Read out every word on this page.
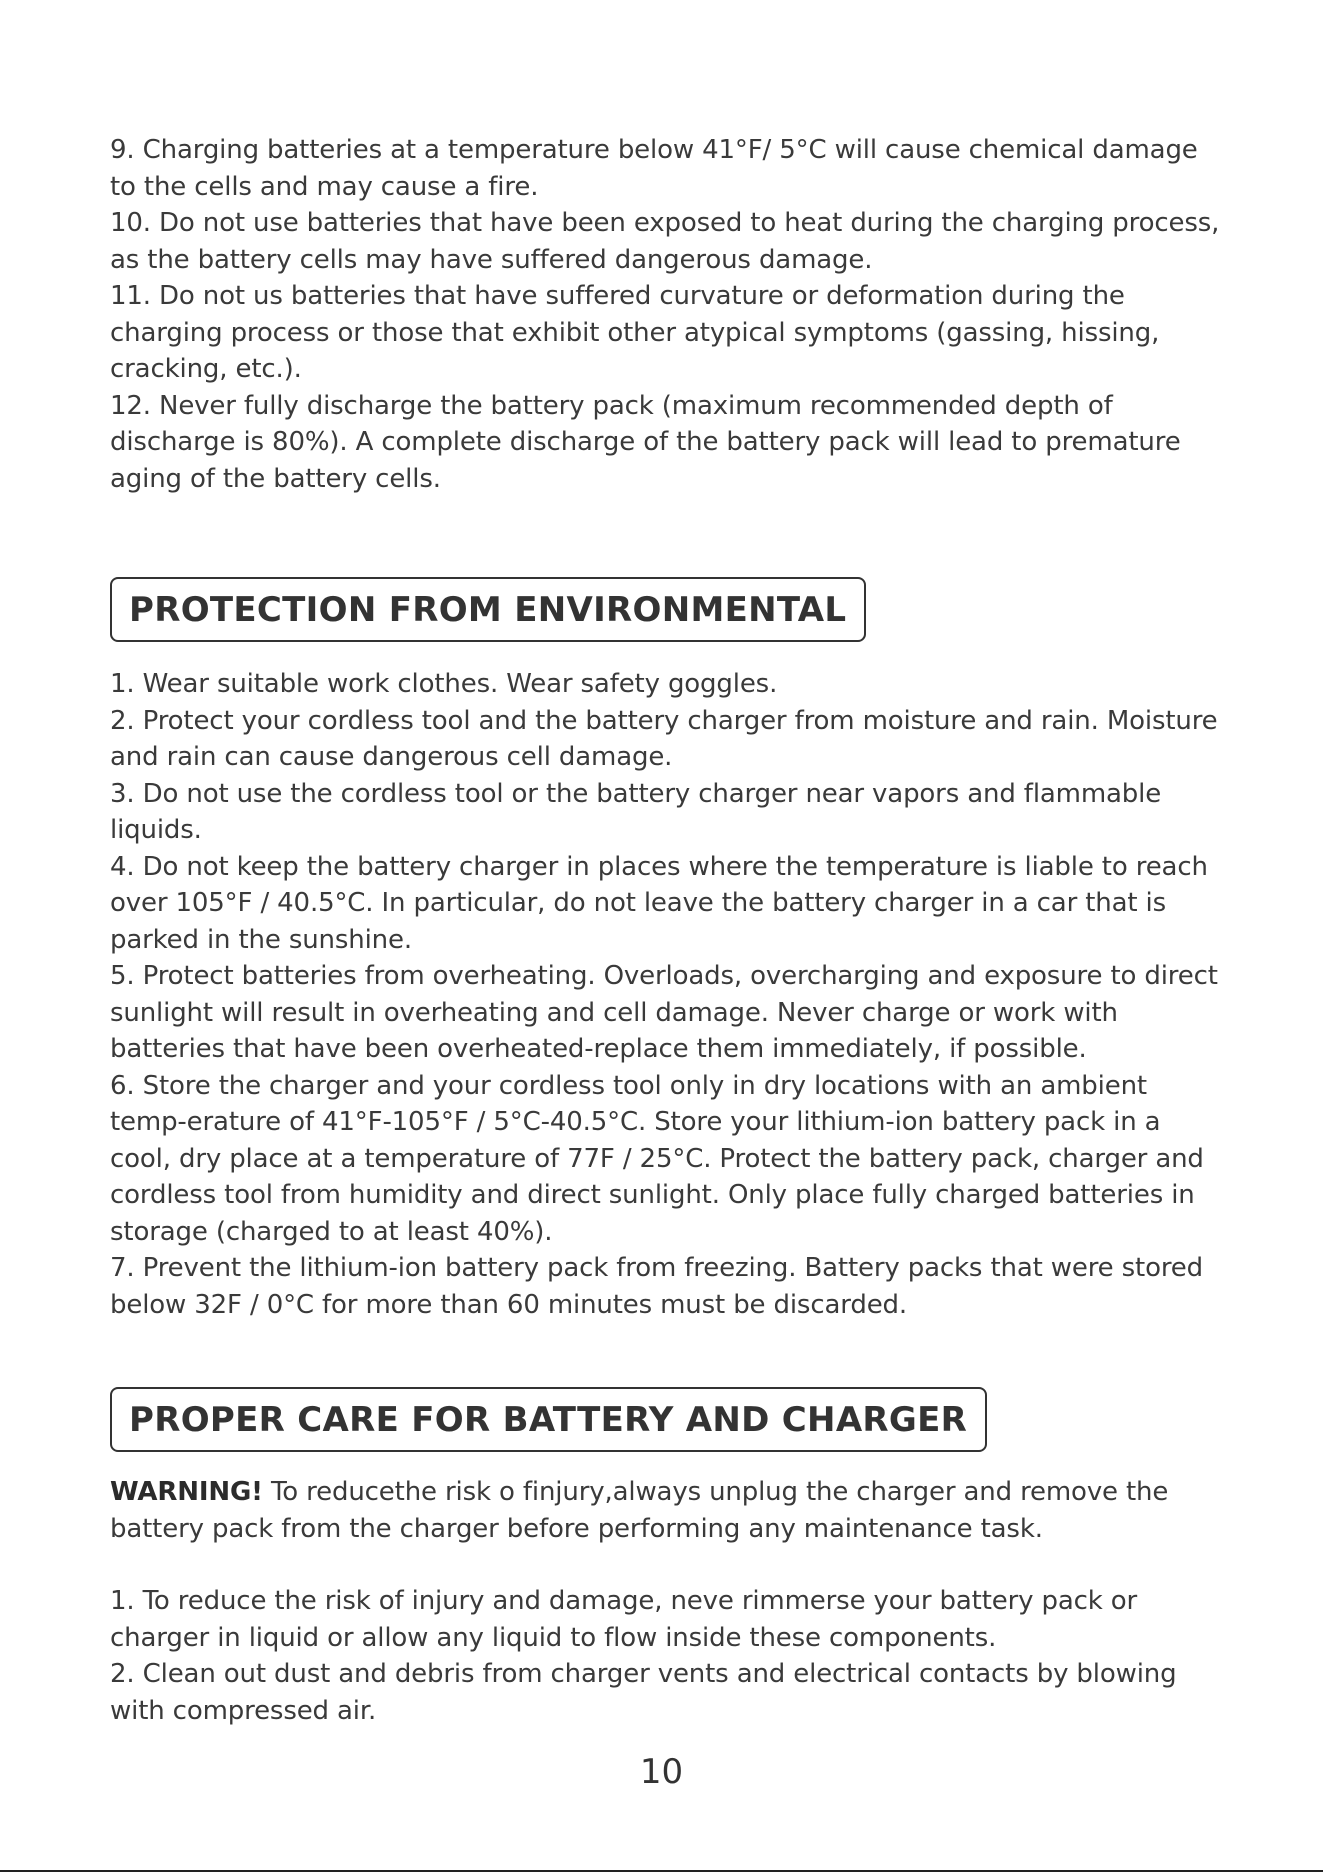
9. Charging batteries at a temperature below 41°F/ 5°C will cause chemical damage to the cells and may cause a fire.

10. Do not use batteries that have been exposed to heat during the charging process, as the battery cells may have suffered dangerous damage.

11. Do not us batteries that have suffered curvature or deformation during the charging process or those that exhibit other atypical symptoms (gassing, hissing, cracking, etc.).

12. Never fully discharge the battery pack (maximum recommended depth of discharge is 80%). A complete discharge of the battery pack will lead to premature aging of the battery cells.

PROTECTION FROM ENVIRONMENTAL

1. Wear suitable work clothes. Wear safety goggles.

2. Protect your cordless tool and the battery charger from moisture and rain. Moisture and rain can cause dangerous cell damage.

3. Do not use the cordless tool or the battery charger near vapors and flammable liquids.

4. Do not keep the battery charger in places where the temperature is liable to reach over 105°F / 40.5°C. In particular, do not leave the battery charger in a car that is parked in the sunshine.

5. Protect batteries from overheating. Overloads, overcharging and exposure to direct sunlight will result in overheating and cell damage. Never charge or work with batteries that have been overheated-replace them immediately, if possible.

6. Store the charger and your cordless tool only in dry locations with an ambient temp-erature of 41°F-105°F / 5°C-40.5°C. Store your lithium-ion battery pack in a cool, dry place at a temperature of 77F / 25°C. Protect the battery pack, charger and cordless tool from humidity and direct sunlight. Only place fully charged batteries in storage (charged to at least 40%).

7. Prevent the lithium-ion battery pack from freezing. Battery packs that were stored below 32F / 0°C for more than 60 minutes must be discarded.

PROPER CARE FOR BATTERY AND CHARGER

WARNING! To reducethe risk o finjury,always unplug the charger and remove the battery pack from the charger before performing any maintenance task.

1. To reduce the risk of injury and damage, neve rimmerse your battery pack or charger in liquid or allow any liquid to flow inside these components.

2. Clean out dust and debris from charger vents and electrical contacts by blowing with compressed air.

10
